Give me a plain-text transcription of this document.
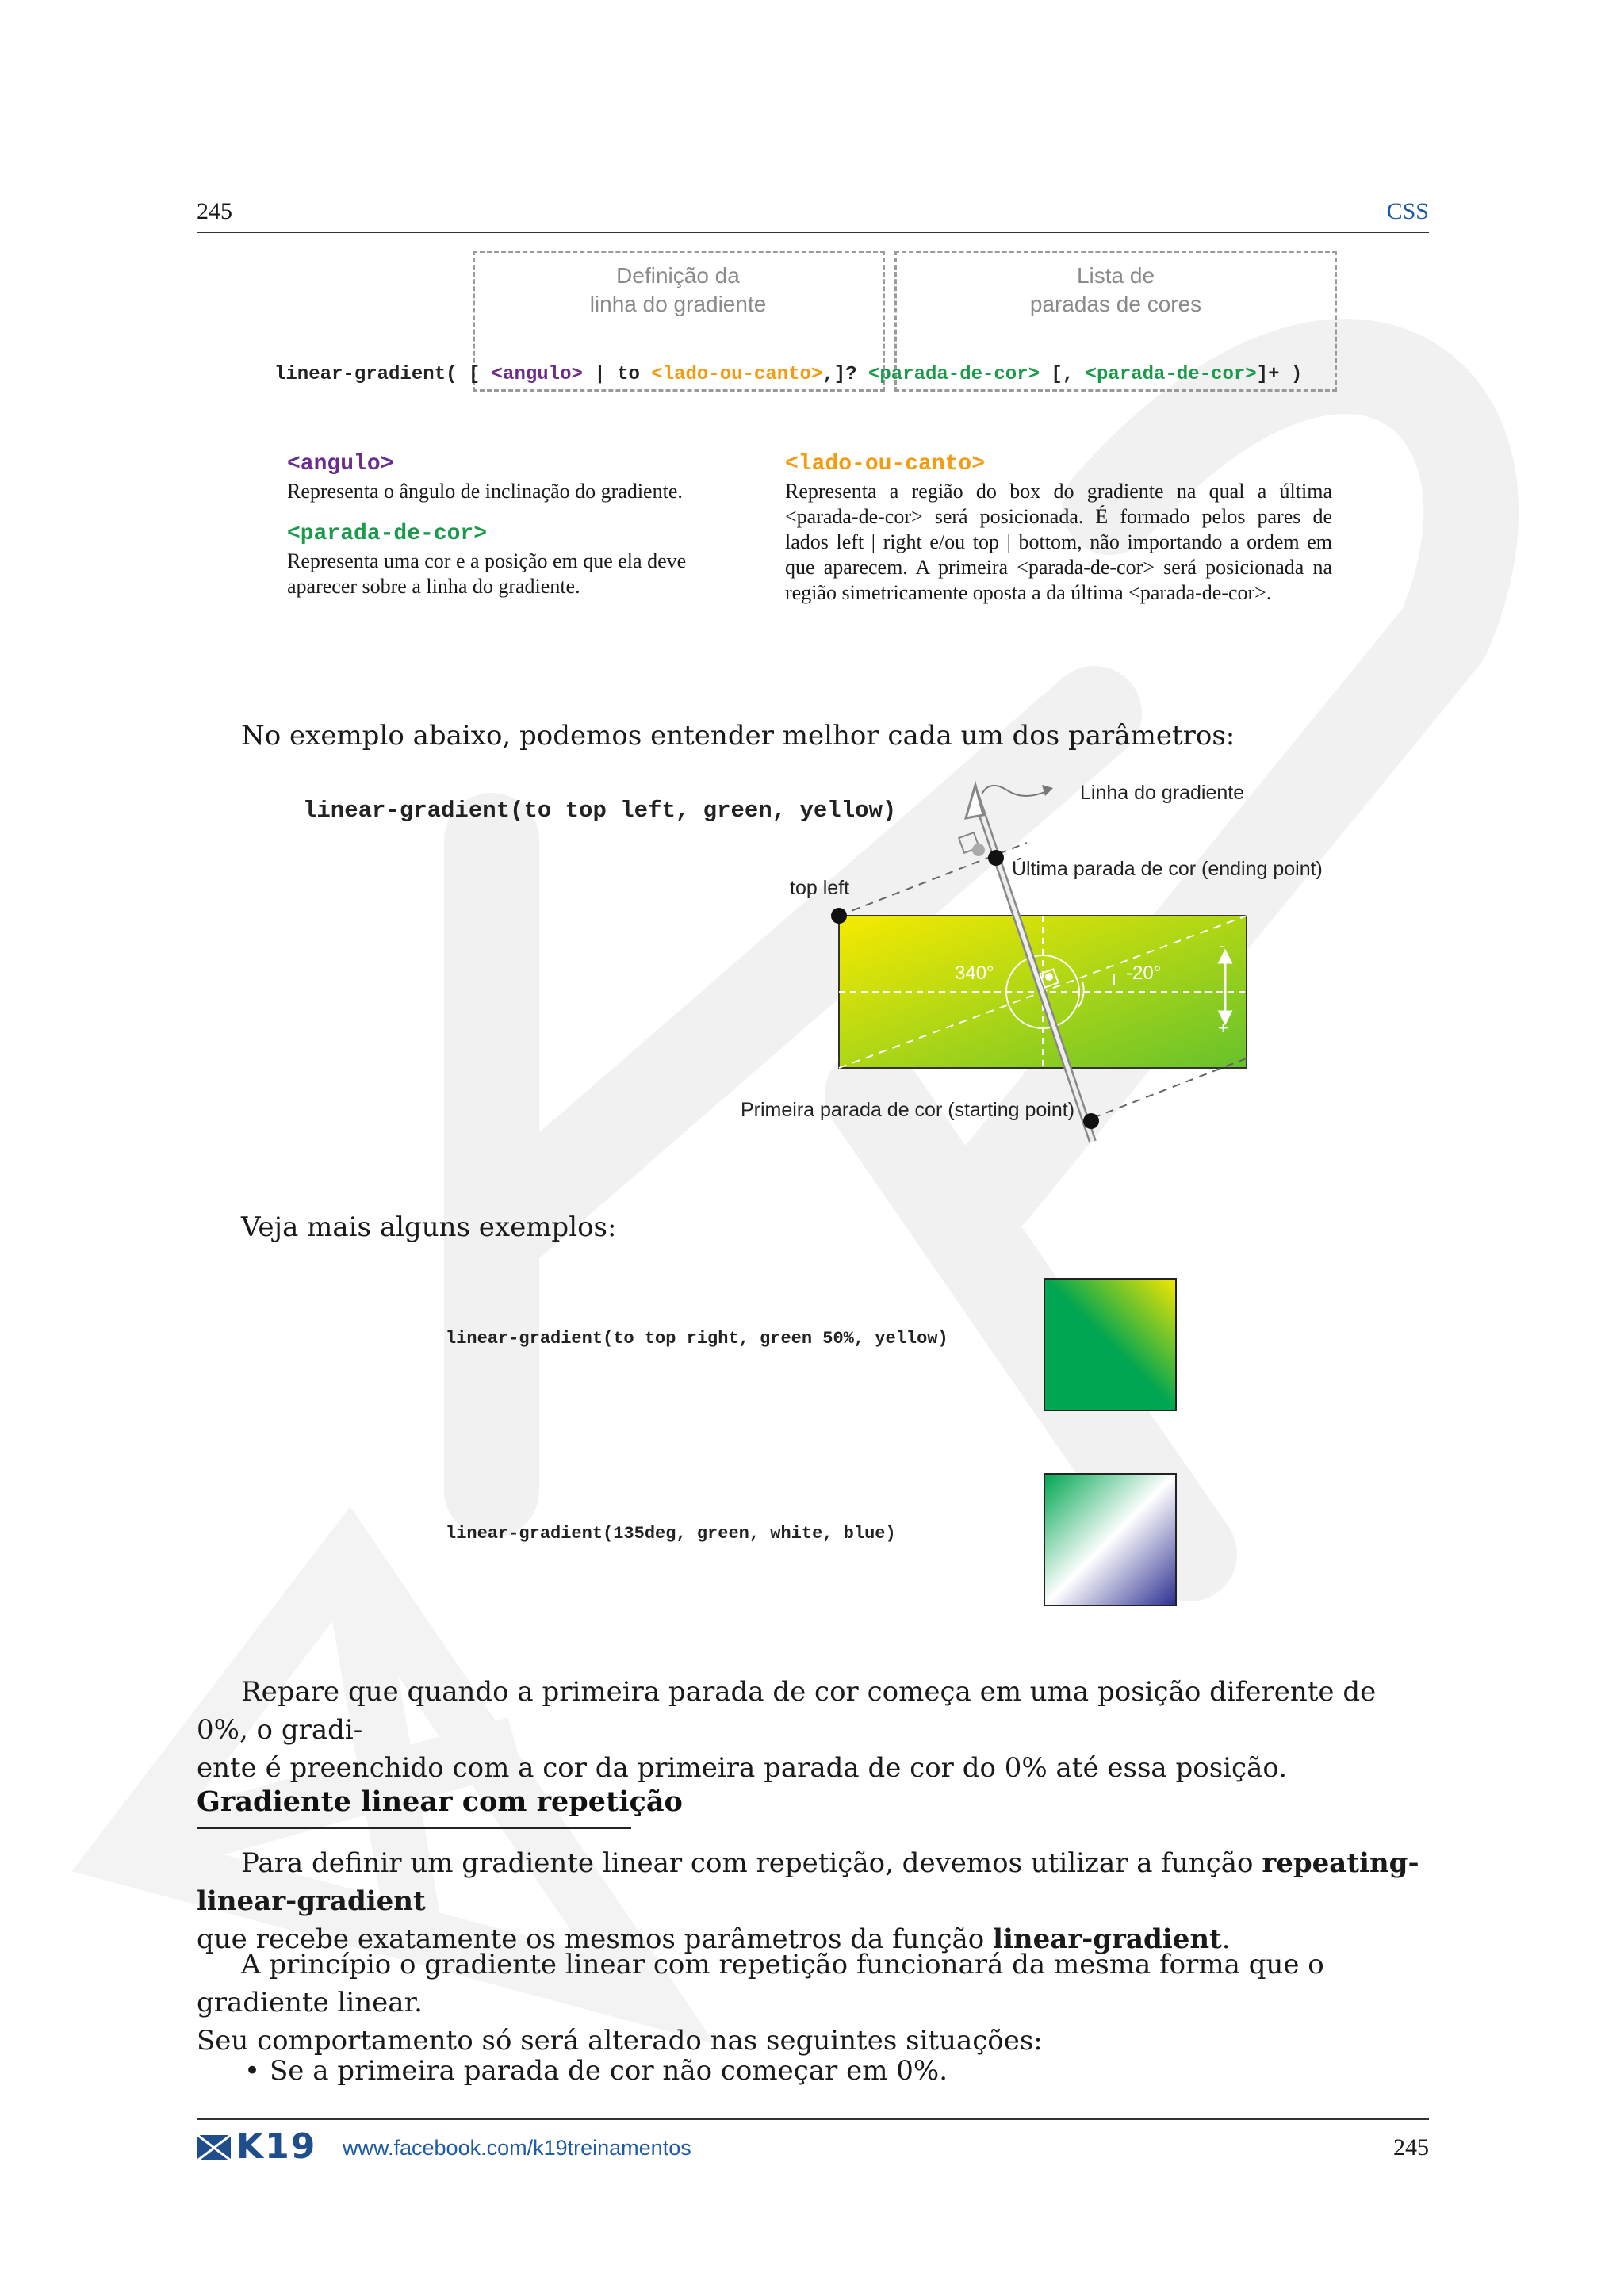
245	CSS
Definição da
linha do gradiente
Lista de
paradas de cores

linear-gradient( [ <angulo> | to <lado-ou-canto>,]? <parada-de-cor> [, <parada-de-cor>]+ )

<angulo>
Representa o ângulo de inclinação do gradiente.
<parada-de-cor>
Representa uma cor e a posição em que ela deve aparecer sobre a linha do gradiente.
<lado-ou-canto>
Representa a região do box do gradiente na qual a última <parada-de-cor> será posicionada. É formado pelos pares de lados left | right e/ou top | bottom, não importando a ordem em que aparecem. A primeira <parada-de-cor> será posicionada na região simetricamente oposta a da última <parada-de-cor>.
No exemplo abaixo, podemos entender melhor cada um dos parâmetros:
linear-gradient(to top left, green, yellow)
Linha do gradiente
Última parada de cor (ending point)
top left
Primeira parada de cor (starting point)
340°	-20°
-
+
Veja mais alguns exemplos:
linear-gradient(to top right, green 50%, yellow)
linear-gradient(135deg, green, white, blue)
Repare que quando a primeira parada de cor começa em uma posição diferente de 0%, o gradi-
ente é preenchido com a cor da primeira parada de cor do 0% até essa posição.
Gradiente linear com repetição
Para definir um gradiente linear com repetição, devemos utilizar a função repeating-linear-gradient
que recebe exatamente os mesmos parâmetros da função linear-gradient.
A princípio o gradiente linear com repetição funcionará da mesma forma que o gradiente linear.
Seu comportamento só será alterado nas seguintes situações:
• Se a primeira parada de cor não começar em 0%.
K19 www.facebook.com/k19treinamentos	245
